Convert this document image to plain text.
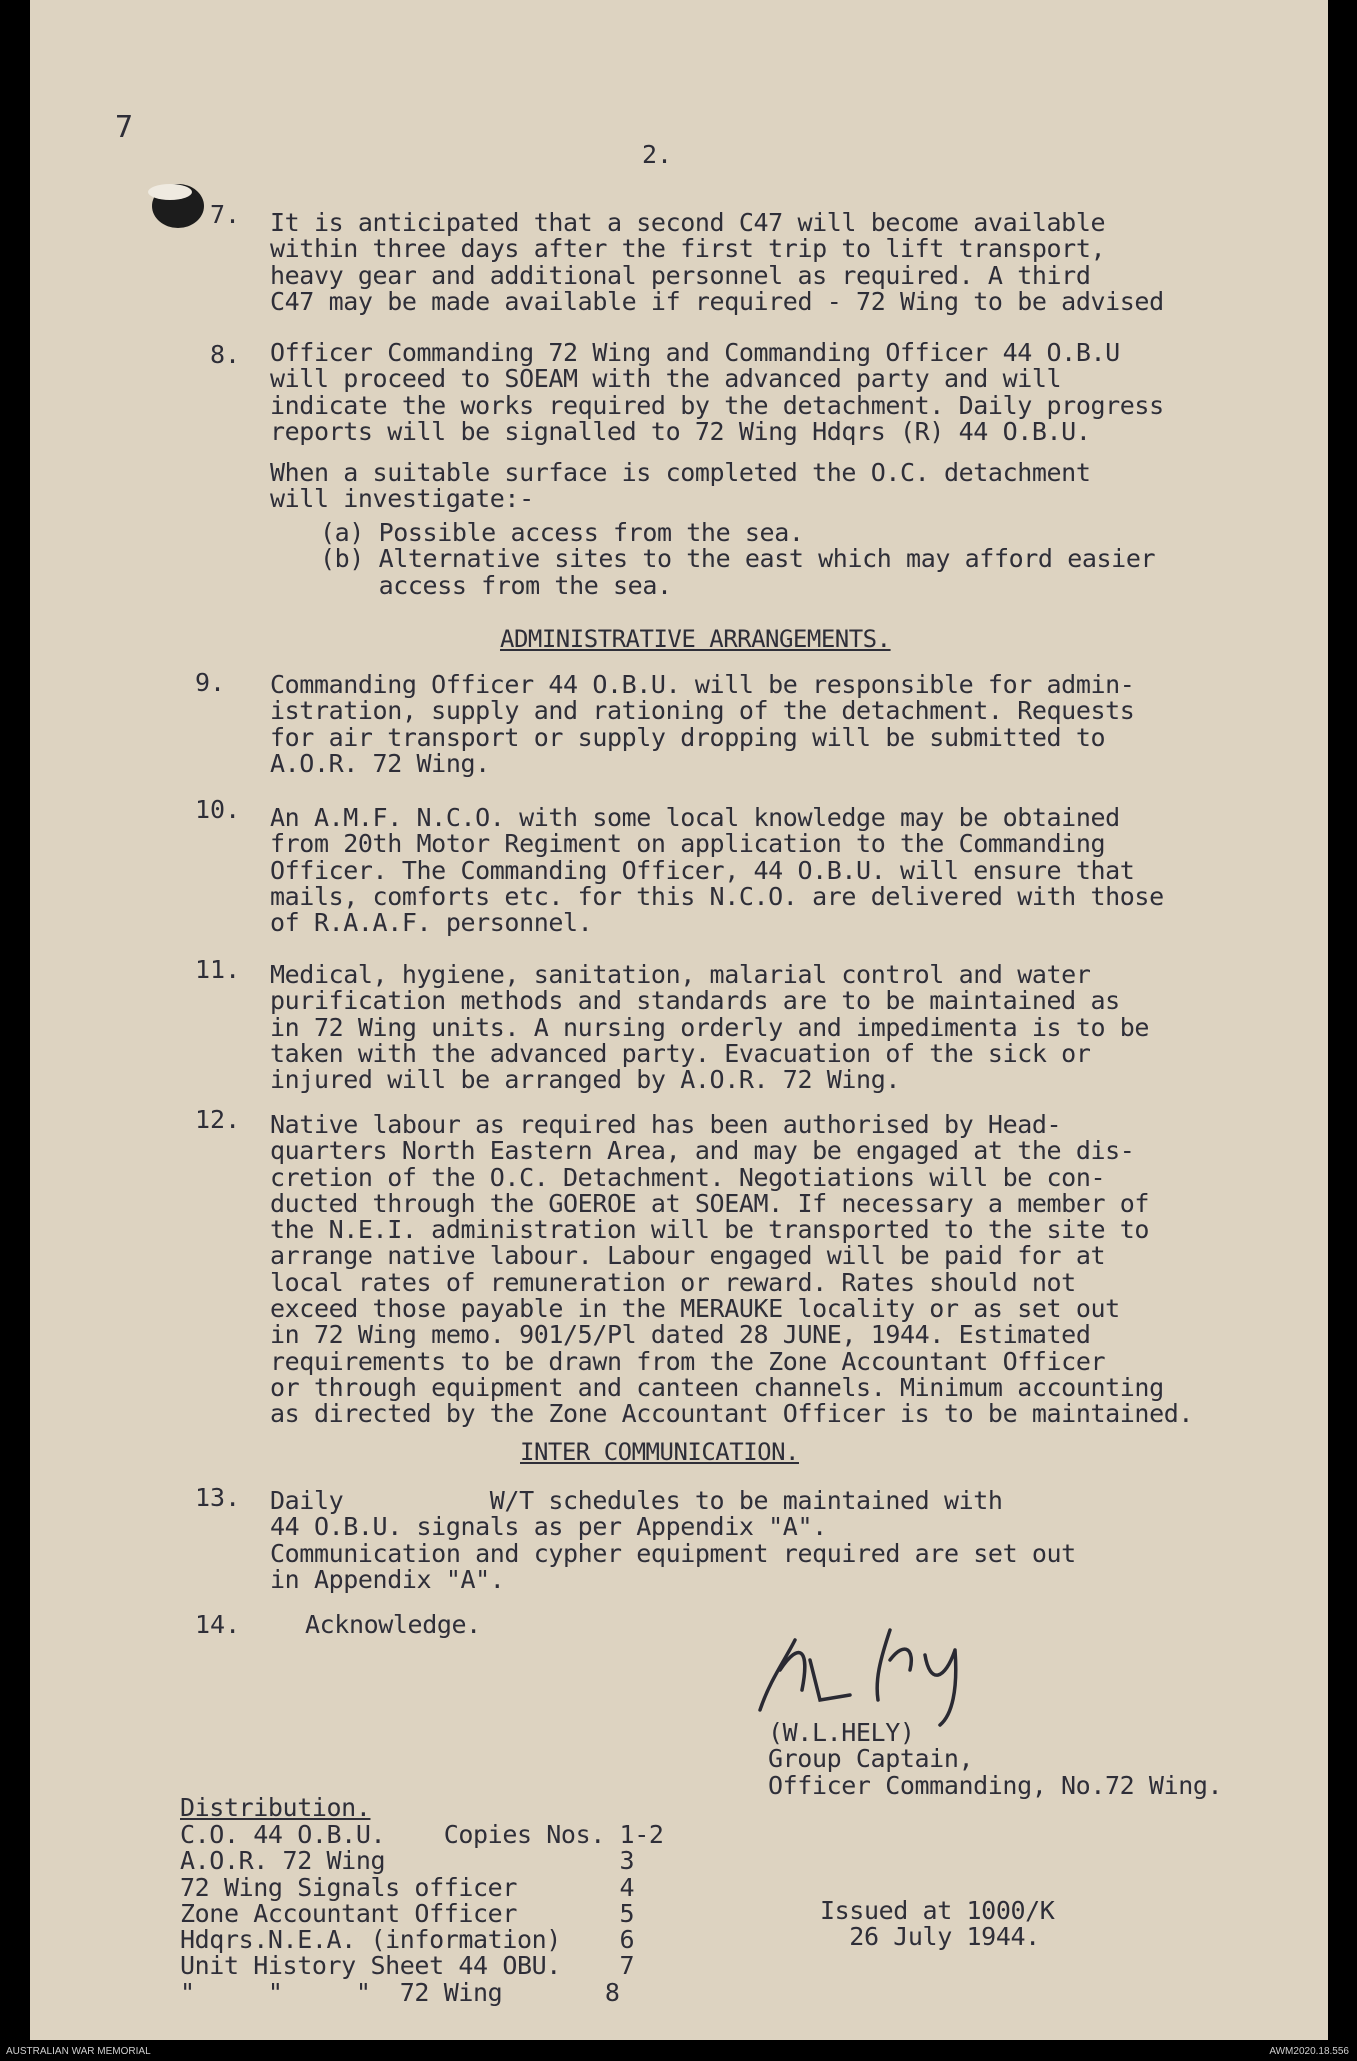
7
2.
7. It is anticipated that a second C47 will become available
within three days after the first trip to lift transport,
heavy gear and additional personnel as required. A third
C47 may be made available if required - 72 Wing to be advised
8. Officer Commanding 72 Wing and Commanding Officer 44 O.B.U
will proceed to SOEAM with the advanced party and will
indicate the works required by the detachment. Daily progress
reports will be signalled to 72 Wing Hdqrs (R) 44 O.B.U.
When a suitable surface is completed the O.C. detachment
will investigate:-
(a) Possible access from the sea.
(b) Alternative sites to the east which may afford easier
access from the sea.
ADMINISTRATIVE ARRANGEMENTS.
9. Commanding Officer 44 O.B.U. will be responsible for admin-
istration, supply and rationing of the detachment. Requests
for air transport or supply dropping will be submitted to
A.O.R. 72 Wing.
10. An A.M.F. N.C.O. with some local knowledge may be obtained
from 20th Motor Regiment on application to the Commanding
Officer. The Commanding Officer, 44 O.B.U. will ensure that
mails, comforts etc. for this N.C.O. are delivered with those
of R.A.A.F. personnel.
11. Medical, hygiene, sanitation, malarial control and water
purification methods and standards are to be maintained as
in 72 Wing units. A nursing orderly and impedimenta is to be
taken with the advanced party. Evacuation of the sick or
injured will be arranged by A.O.R. 72 Wing.
12. Native labour as required has been authorised by Head-
quarters North Eastern Area, and may be engaged at the dis-
cretion of the O.C. Detachment. Negotiations will be con-
ducted through the GOEROE at SOEAM. If necessary a member of
the N.E.I. administration will be transported to the site to
arrange native labour. Labour engaged will be paid for at
local rates of remuneration or reward. Rates should not
exceed those payable in the MERAUKE locality or as set out
in 72 Wing memo. 901/5/Pl dated 28 JUNE, 1944. Estimated
requirements to be drawn from the Zone Accountant Officer
or through equipment and canteen channels. Minimum accounting
as directed by the Zone Accountant Officer is to be maintained.
INTER COMMUNICATION.
13. Daily          W/T schedules to be maintained with
44 O.B.U. signals as per Appendix "A".
Communication and cypher equipment required are set out
in Appendix "A".
14.	Acknowledge.
(W.L.HELY)
Group Captain,
Officer Commanding, No.72 Wing.
Distribution.
C.O. 44 O.B.U.    Copies Nos. 1-2
A.O.R. 72 Wing                3
72 Wing Signals officer       4
Zone Accountant Officer       5
Hdqrs.N.E.A. (information)    6
Unit History Sheet 44 OBU.    7
"     "     "  72 Wing       8
Issued at 1000/K
26 July 1944.
AUSTRALIAN WAR MEMORIAL	AWM2020.18.556
